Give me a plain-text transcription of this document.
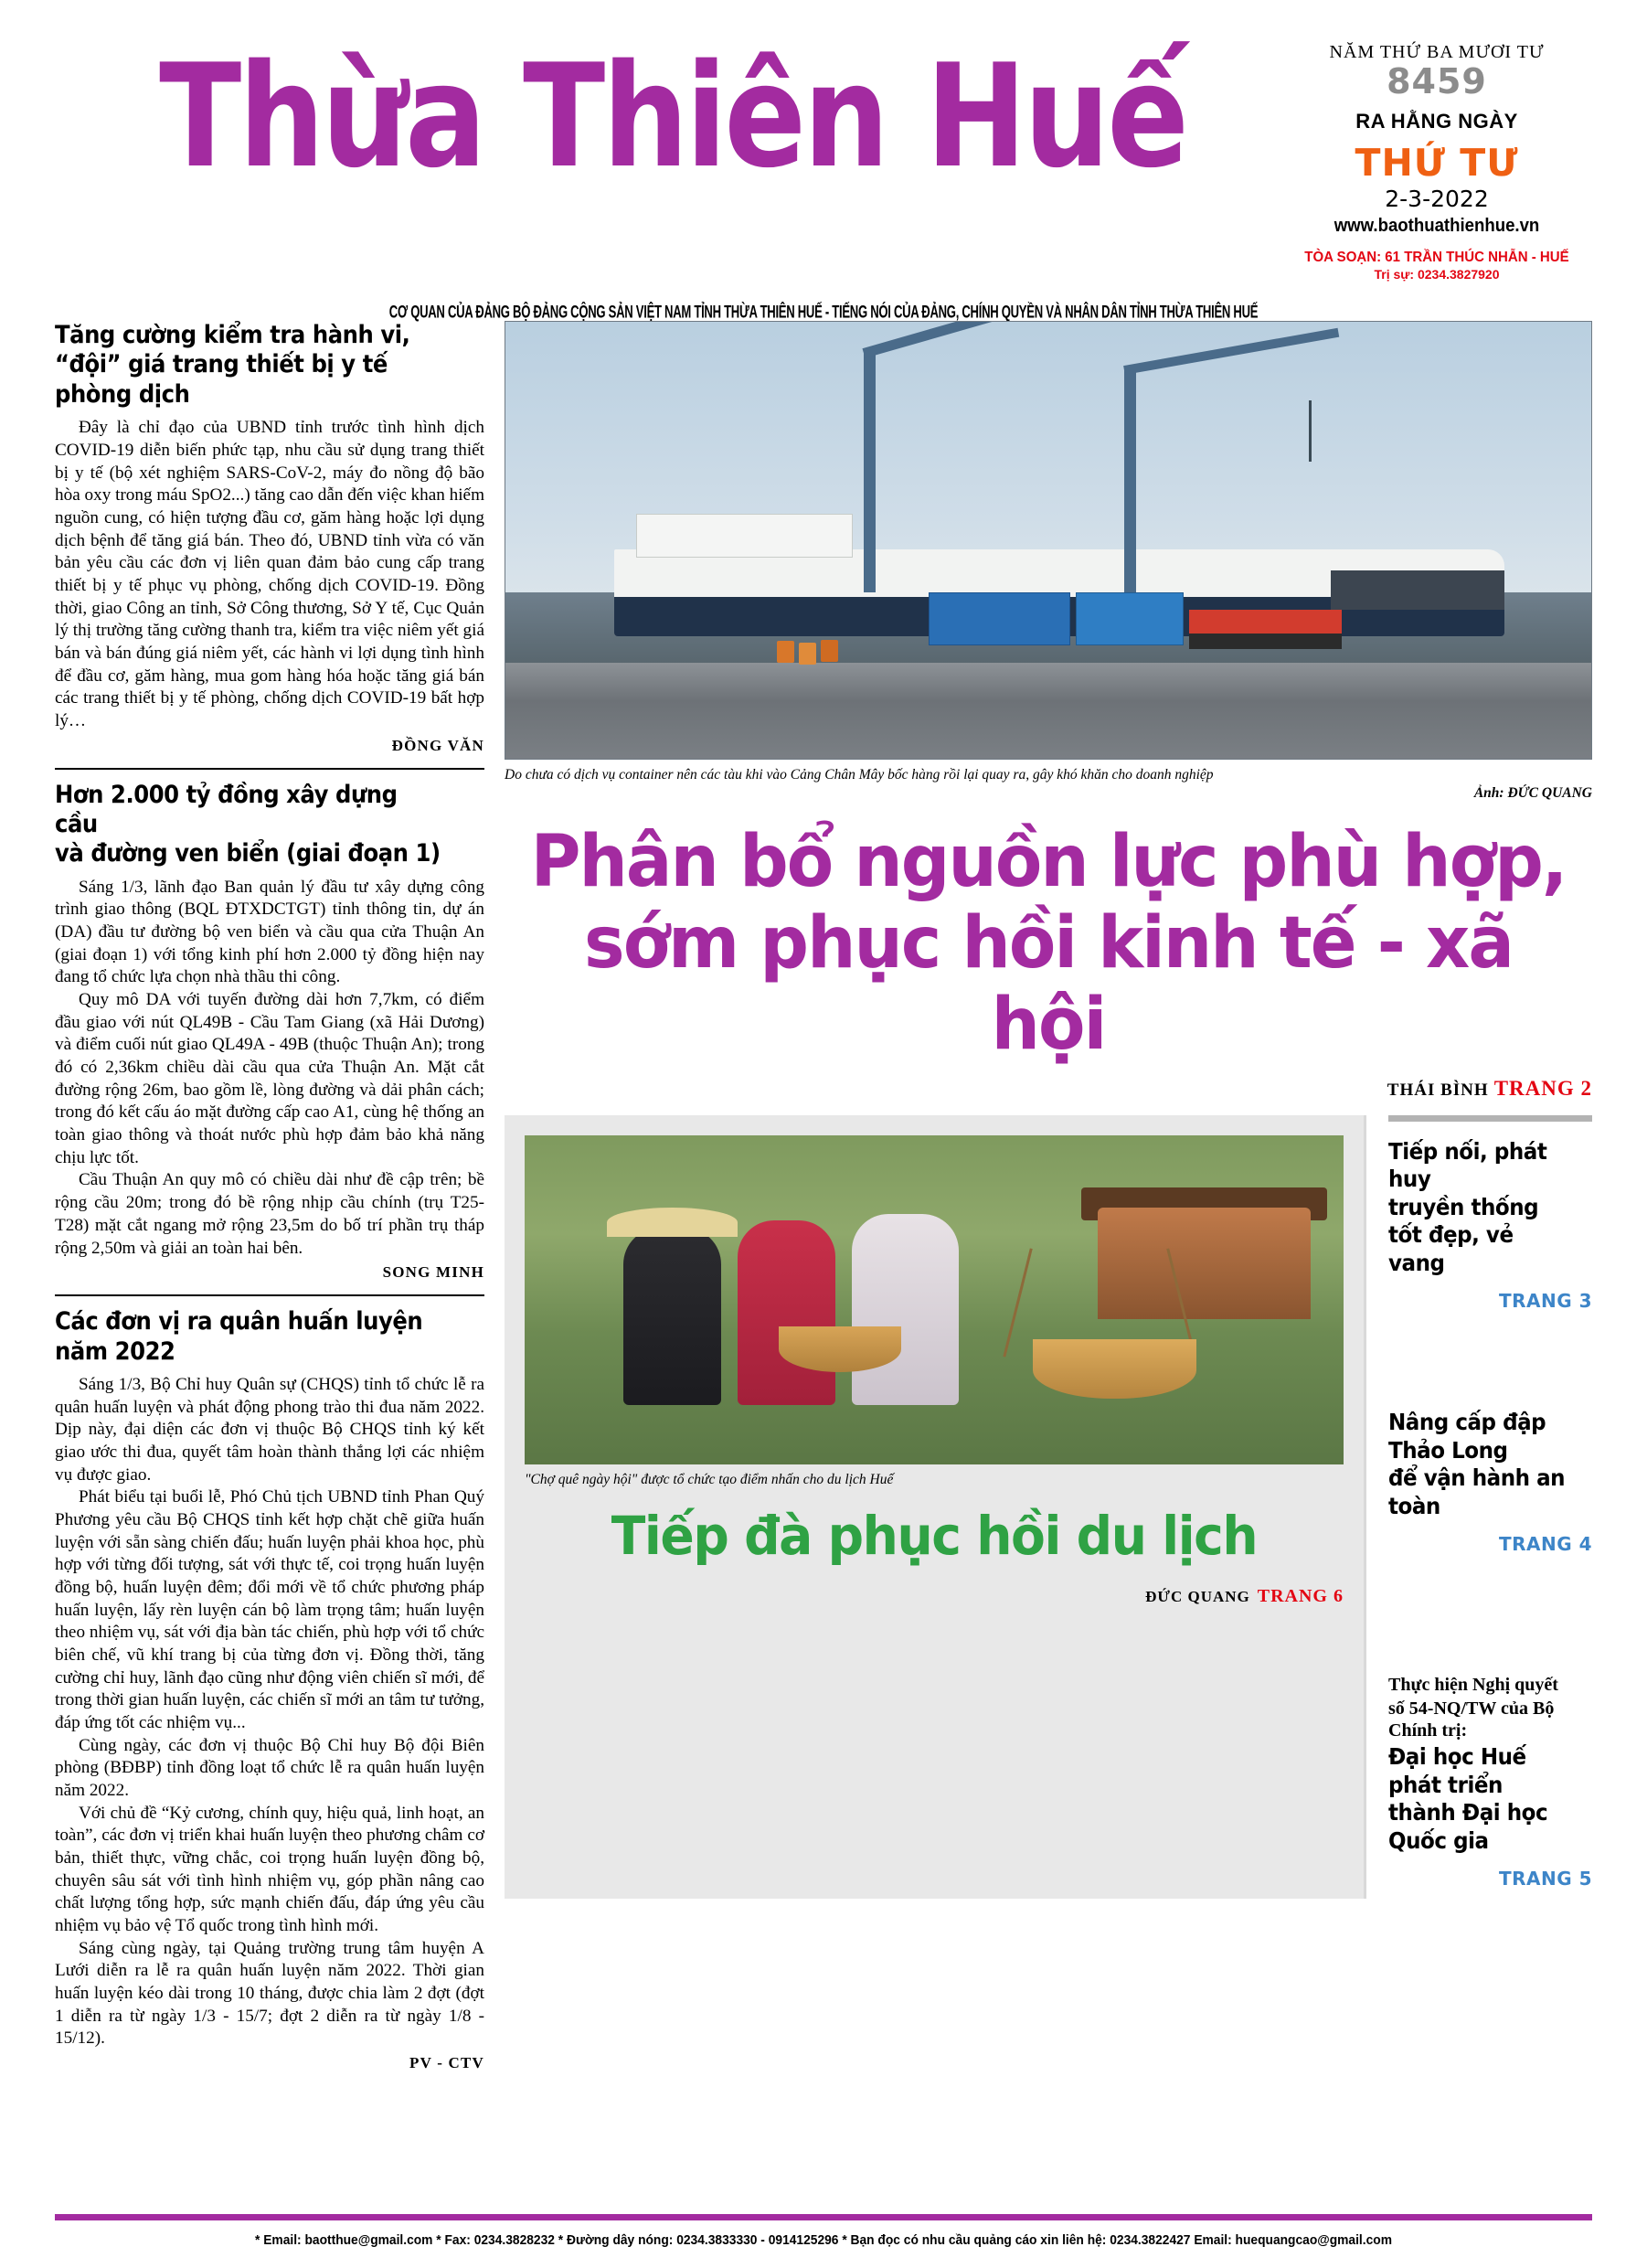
Thừa Thiên Huế	NĂM THỨ BA MƯƠI TƯ
8459
RA HẰNG NGÀY
THỨ TƯ
2-3-2022
www.baothuathienhue.vn
TÒA SOẠN: 61 TRẦN THÚC NHẪN - HUẾ
Trị sự: 0234.3827920
CƠ QUAN CỦA ĐẢNG BỘ ĐẢNG CỘNG SẢN VIỆT NAM TỈNH THỪA THIÊN HUẾ - TIẾNG NÓI CỦA ĐẢNG, CHÍNH QUYỀN VÀ NHÂN DÂN TỈNH THỪA THIÊN HUẾ
Tăng cường kiểm tra hành vi,
“đội” giá trang thiết bị y tế phòng dịch

Đây là chỉ đạo của UBND tỉnh trước tình hình dịch COVID-19 diễn biến phức tạp, nhu cầu sử dụng trang thiết bị y tế (bộ xét nghiệm SARS-CoV-2, máy đo nồng độ bão hòa oxy trong máu SpO2...) tăng cao dẫn đến việc khan hiếm nguồn cung, có hiện tượng đầu cơ, găm hàng hoặc lợi dụng dịch bệnh để tăng giá bán. Theo đó, UBND tỉnh vừa có văn bản yêu cầu các đơn vị liên quan đảm bảo cung cấp trang thiết bị y tế phục vụ phòng, chống dịch COVID-19. Đồng thời, giao Công an tỉnh, Sở Công thương, Sở Y tế, Cục Quản lý thị trường tăng cường thanh tra, kiểm tra việc niêm yết giá bán và bán đúng giá niêm yết, các hành vi lợi dụng tình hình để đầu cơ, găm hàng, mua gom hàng hóa hoặc tăng giá bán các trang thiết bị y tế phòng, chống dịch COVID-19 bất hợp lý…

ĐỒNG VĂN
Hơn 2.000 tỷ đồng xây dựng cầu
và đường ven biển (giai đoạn 1)

Sáng 1/3, lãnh đạo Ban quản lý đầu tư xây dựng công trình giao thông (BQL ĐTXDCTGT) tỉnh thông tin, dự án (DA) đầu tư đường bộ ven biển và cầu qua cửa Thuận An (giai đoạn 1) với tổng kinh phí hơn 2.000 tỷ đồng hiện nay đang tổ chức lựa chọn nhà thầu thi công.

Quy mô DA với tuyến đường dài hơn 7,7km, có điểm đầu giao với nút QL49B - Cầu Tam Giang (xã Hải Dương) và điểm cuối nút giao QL49A - 49B (thuộc Thuận An); trong đó có 2,36km chiều dài cầu qua cửa Thuận An. Mặt cắt đường rộng 26m, bao gồm lề, lòng đường và dải phân cách; trong đó kết cấu áo mặt đường cấp cao A1, cùng hệ thống an toàn giao thông và thoát nước phù hợp đảm bảo khả năng chịu lực tốt.

Cầu Thuận An quy mô có chiều dài như đề cập trên; bề rộng cầu 20m; trong đó bề rộng nhịp cầu chính (trụ T25-T28) mặt cắt ngang mở rộng 23,5m do bố trí phần trụ tháp rộng 2,50m và giải an toàn hai bên.

SONG MINH
Các đơn vị ra quân huấn luyện
năm 2022

Sáng 1/3, Bộ Chỉ huy Quân sự (CHQS) tỉnh tổ chức lễ ra quân huấn luyện và phát động phong trào thi đua năm 2022. Dịp này, đại diện các đơn vị thuộc Bộ CHQS tỉnh ký kết giao ước thi đua, quyết tâm hoàn thành thắng lợi các nhiệm vụ được giao.

Phát biểu tại buổi lễ, Phó Chủ tịch UBND tỉnh Phan Quý Phương yêu cầu Bộ CHQS tỉnh kết hợp chặt chẽ giữa huấn luyện với sẵn sàng chiến đấu; huấn luyện phải khoa học, phù hợp với từng đối tượng, sát với thực tế, coi trọng huấn luyện đồng bộ, huấn luyện đêm; đổi mới về tổ chức phương pháp huấn luyện, lấy rèn luyện cán bộ làm trọng tâm; huấn luyện theo nhiệm vụ, sát với địa bàn tác chiến, phù hợp với tổ chức biên chế, vũ khí trang bị của từng đơn vị. Đồng thời, tăng cường chỉ huy, lãnh đạo cũng như động viên chiến sĩ mới, để trong thời gian huấn luyện, các chiến sĩ mới an tâm tư tưởng, đáp ứng tốt các nhiệm vụ...

Cùng ngày, các đơn vị thuộc Bộ Chỉ huy Bộ đội Biên phòng (BĐBP) tỉnh đồng loạt tổ chức lễ ra quân huấn luyện năm 2022.

Với chủ đề “Kỷ cương, chính quy, hiệu quả, linh hoạt, an toàn”, các đơn vị triển khai huấn luyện theo phương châm cơ bản, thiết thực, vững chắc, coi trọng huấn luyện đồng bộ, chuyên sâu sát với tình hình nhiệm vụ, góp phần nâng cao chất lượng tổng hợp, sức mạnh chiến đấu, đáp ứng yêu cầu nhiệm vụ bảo vệ Tổ quốc trong tình hình mới.

Sáng cùng ngày, tại Quảng trường trung tâm huyện A Lưới diễn ra lễ ra quân huấn luyện năm 2022. Thời gian huấn luyện kéo dài trong 10 tháng, được chia làm 2 đợt (đợt 1 diễn ra từ ngày 1/3 - 15/7; đợt 2 diễn ra từ ngày 1/8 - 15/12).

PV - CTV
Do chưa có dịch vụ container nên các tàu khi vào Cảng Chân Mây bốc hàng rồi lại quay ra, gây khó khăn cho doanh nghiệp
Ảnh: ĐỨC QUANG
Phân bổ nguồn lực phù hợp,
sớm phục hồi kinh tế - xã hội
THÁI BÌNH TRANG 2
"Chợ quê ngày hội" được tổ chức tạo điểm nhấn cho du lịch Huế
Tiếp đà phục hồi du lịch
ĐỨC QUANG TRANG 6
Tiếp nối, phát huy
truyền thống
tốt đẹp, vẻ vang
TRANG 3
Nâng cấp đập Thảo Long
để vận hành an toàn
TRANG 4
Thực hiện Nghị quyết
số 54-NQ/TW của Bộ Chính trị:
Đại học Huế phát triển
thành Đại học Quốc gia
TRANG 5
* Email: baotthue@gmail.com * Fax: 0234.3828232 * Đường dây nóng: 0234.3833330 - 0914125296 * Bạn đọc có nhu cầu quảng cáo xin liên hệ: 0234.3822427 Email: huequangcao@gmail.com
